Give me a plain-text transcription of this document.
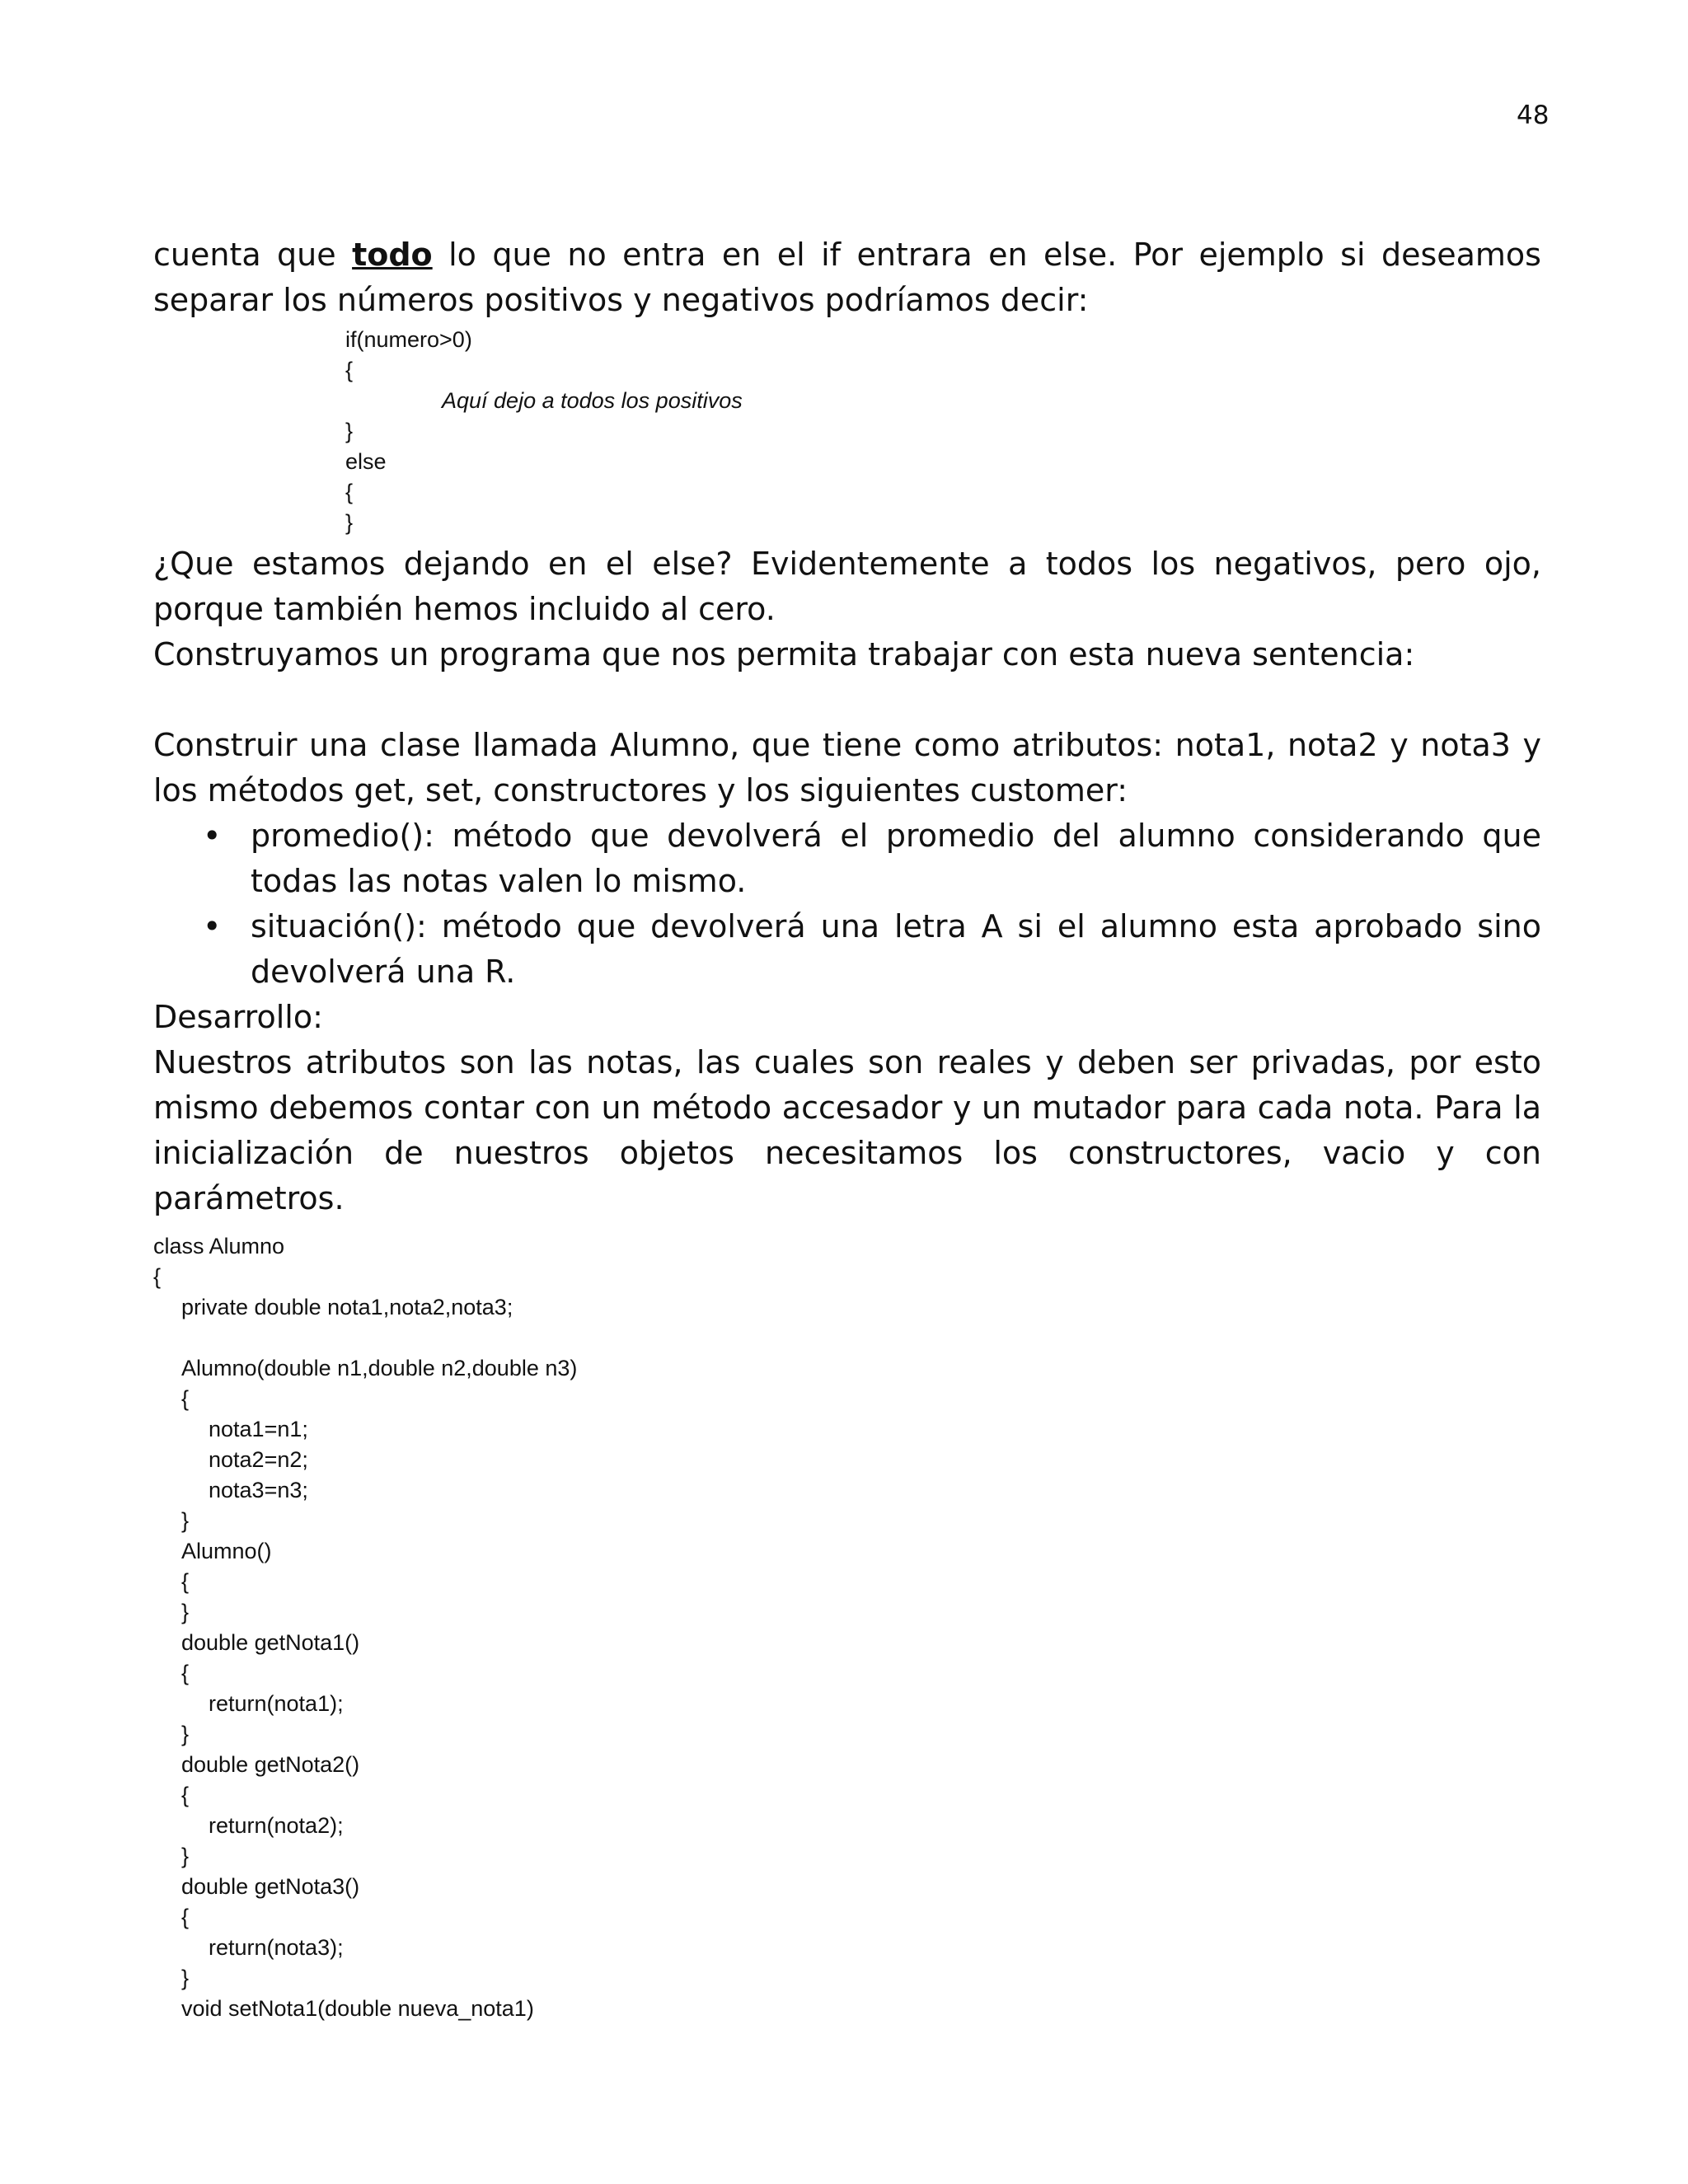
48

cuenta que todo lo que no entra en el if entrara en else. Por ejemplo si deseamos separar los números positivos y negativos podríamos decir:

if(numero>0)
{
Aquí dejo a todos los positivos
}
else
{
}

¿Que estamos dejando en el else? Evidentemente a todos los negativos, pero ojo, porque también hemos incluido al cero.

Construyamos un programa que nos permita trabajar con esta nueva sentencia:

Construir una clase llamada Alumno, que tiene como atributos: nota1, nota2 y nota3 y los métodos get, set, constructores y los siguientes customer:

• promedio(): método que devolverá el promedio del alumno considerando que todas las notas valen lo mismo.
• situación(): método que devolverá una letra A si el alumno esta aprobado sino devolverá una R.

Desarrollo:

Nuestros atributos son las notas, las cuales son reales y deben ser privadas, por esto mismo debemos contar con un método accesador y un mutador para cada nota. Para la inicialización de nuestros objetos necesitamos los constructores, vacio y con parámetros.

class Alumno
{
private double nota1,nota2,nota3;

Alumno(double n1,double n2,double n3)
{
nota1=n1;
nota2=n2;
nota3=n3;
}
Alumno()
{
}
double getNota1()
{
return(nota1);
}
double getNota2()
{
return(nota2);
}
double getNota3()
{
return(nota3);
}
void setNota1(double nueva_nota1)
